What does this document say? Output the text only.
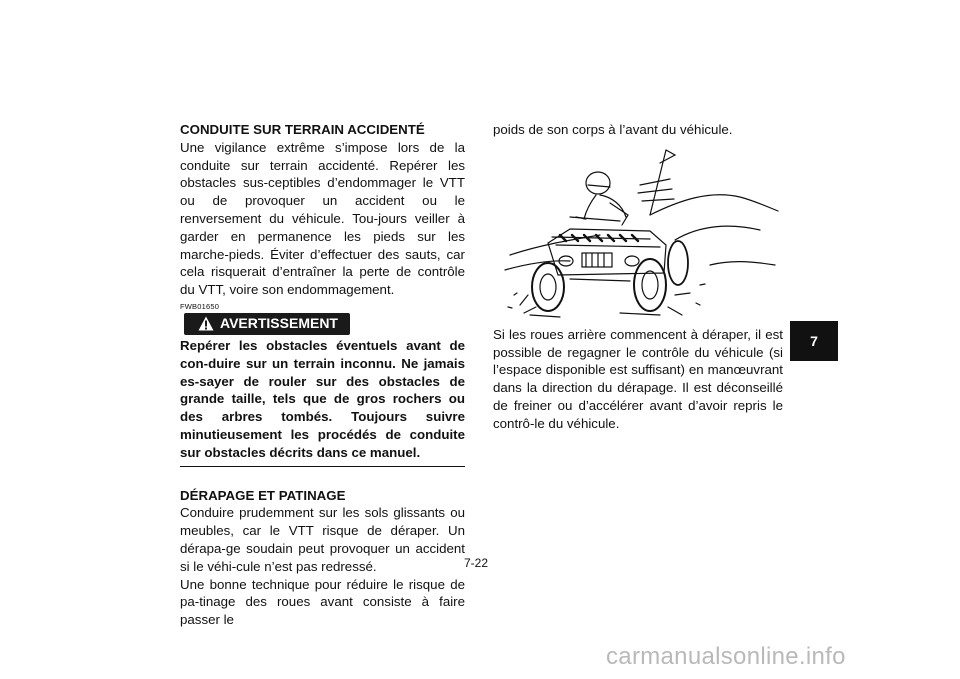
CONDUITE SUR TERRAIN ACCIDENTÉ

Une vigilance extrême s’impose lors de la conduite sur terrain accidenté. Repérer les obstacles sus-ceptibles d’endommager le VTT ou de provoquer un accident ou le renversement du véhicule. Tou-jours veiller à garder en permanence les pieds sur les marche-pieds. Éviter d’effectuer des sauts, car cela risquerait d’entraîner la perte de contrôle du VTT, voire son endommagement.

FWB01650
AVERTISSEMENT

Repérer les obstacles éventuels avant de con-duire sur un terrain inconnu. Ne jamais es-sayer de rouler sur des obstacles de grande taille, tels que de gros rochers ou des arbres tombés. Toujours suivre minutieusement les procédés de conduite sur obstacles décrits dans ce manuel.

DÉRAPAGE ET PATINAGE

Conduire prudemment sur les sols glissants ou meubles, car le VTT risque de déraper. Un dérapa-ge soudain peut provoquer un accident si le véhi-cule n’est pas redressé.

Une bonne technique pour réduire le risque de pa-tinage des roues avant consiste à faire passer le

poids de son corps à l’avant du véhicule.

Si les roues arrière commencent à déraper, il est possible de regagner le contrôle du véhicule (si l’espace disponible est suffisant) en manœuvrant dans la direction du dérapage. Il est déconseillé de freiner ou d’accélérer avant d’avoir repris le contrô-le du véhicule.

7-22
7
carmanualsonline.info
